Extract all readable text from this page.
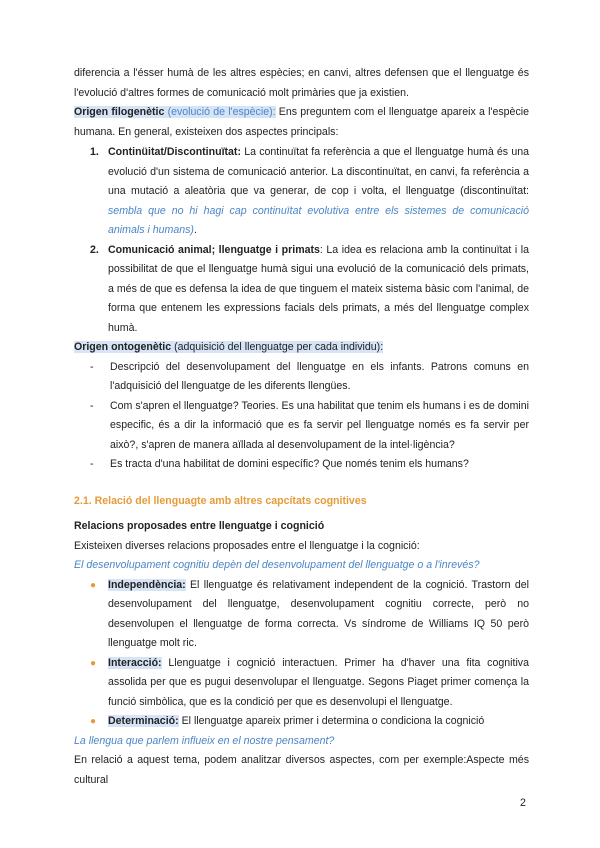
diferencia a l'ésser humà de les altres espècies; en canvi, altres defensen que el llenguatge és l'evolució d'altres formes de comunicació molt primàries que ja existien.

Origen filogenètic (evolució de l'espècie): Ens preguntem com el llenguatge apareix a l'espècie humana. En general, existeixen dos aspectes principals:

1. Continüitat/Discontinuïtat: La continuïtat fa referència a que el llenguatge humà és una evolució d'un sistema de comunicació anterior. La discontinuïtat, en canvi, fa referència a una mutació a aleatòria que va generar, de cop i volta, el llenguatge (discontinuïtat: sembla que no hi hagi cap continuïtat evolutiva entre els sistemes de comunicació animals i humans).
2. Comunicació animal; llenguatge i primats: La idea es relaciona amb la continuïtat i la possibilitat de que el llenguatge humà sigui una evolució de la comunicació dels primats, a més de que es defensa la idea de que tinguem el mateix sistema bàsic com l'animal, de forma que entenem les expressions facials dels primats, a més del llenguatge complex humà.

Origen ontogenètic (adquisició del llenguatge per cada individu):

- Descripció del desenvolupament del llenguatge en els infants. Patrons comuns en l'adquisició del llenguatge de les diferents llengües.
- Com s'apren el llenguatge? Teories. Es una habilitat que tenim els humans i es de domini especific, és a dir la informació que es fa servir pel llenguatge només es fa servir per això?, s'apren de manera aïllada al desenvolupament de la intel·ligència?
- Es tracta d'una habilitat de domini específic? Que només tenim els humans?

2.1. Relació del llenguagte amb altres capcítats cognitives

Relacions proposades entre llenguatge i cognició

Existeixen diverses relacions proposades entre el llenguatge i la cognició:

El desenvolupament cognitiu depèn del desenvolupament del llenguatge o a l'inrevés?

● Independència: El llenguatge és relativament independent de la cognició. Trastorn del desenvolupament del llenguatge, desenvolupament cognitiu correcte, però no desenvolupen el llenguatge de forma correcta. Vs síndrome de Williams IQ 50 però llenguatge molt ric.
● Interacció: Llenguatge i cognició interactuen. Primer ha d'haver una fita cognitiva assolida per que es pugui desenvolupar el llenguatge. Segons Piaget primer comença la funció simbòlica, que es la condició per que es desenvolupi el llenguatge.
● Determinació: El llenguatge apareix primer i determina o condiciona la cognició

La llengua que parlem influeix en el nostre pensament?

En relació a aquest tema, podem analitzar diversos aspectes, com per exemple:Aspecte més cultural

2
